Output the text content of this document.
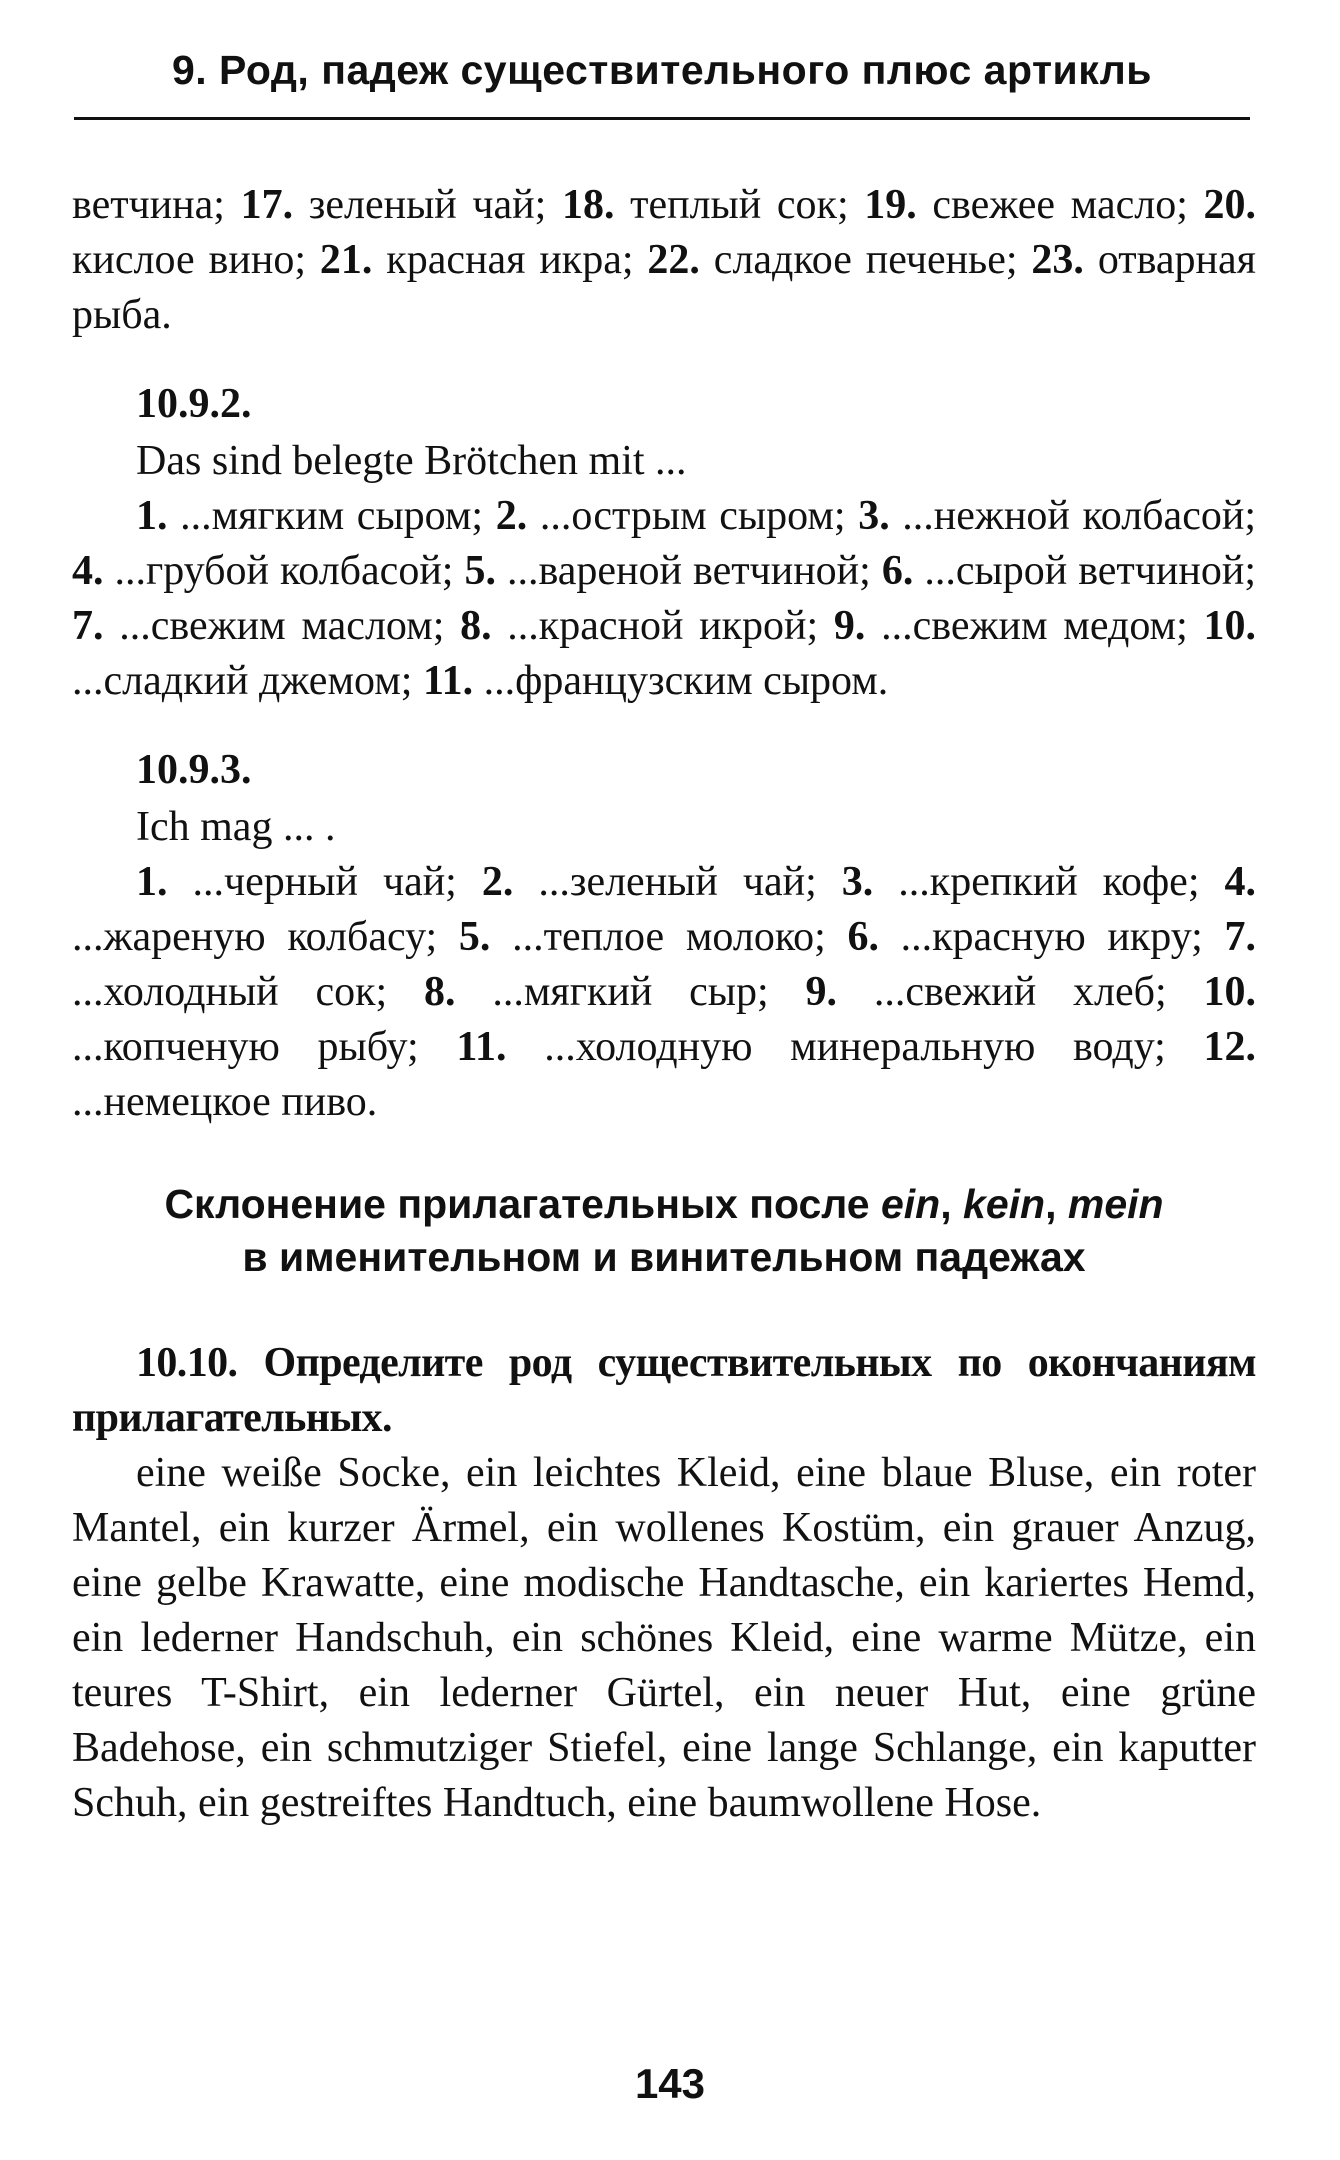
9. Род, падеж существительного плюс артикль

ветчина; 17. зеленый чай; 18. теплый сок; 19. свежее масло; 20. кислое вино; 21. красная икра; 22. сладкое печенье; 23. отварная рыба.

10.9.2.

Das sind belegte Brötchen mit ...

1. ...мягким сыром; 2. ...острым сыром; 3. ...нежной колбасой; 4. ...грубой колбасой; 5. ...вареной ветчиной; 6. ...сырой ветчиной; 7. ...свежим маслом; 8. ...красной икрой; 9. ...свежим медом; 10. ...сладкий джемом; 11. ...французским сыром.

10.9.3.

Ich mag ... .

1. ...черный чай; 2. ...зеленый чай; 3. ...крепкий кофе; 4. ...жареную колбасу; 5. ...теплое молоко; 6. ...красную икру; 7. ...холодный сок; 8. ...мягкий сыр; 9. ...свежий хлеб; 10. ...копченую рыбу; 11. ...холодную минеральную воду; 12. ...немецкое пиво.

Склонение прилагательных после ein, kein, mein
в именительном и винительном падежах

10.10. Определите род существительных по окончаниям прилагательных.

eine weiße Socke, ein leichtes Kleid, eine blaue Bluse, ein roter Mantel, ein kurzer Ärmel, ein wollenes Kostüm, ein grauer Anzug, eine gelbe Krawatte, eine modische Handtasche, ein kariertes Hemd, ein lederner Handschuh, ein schönes Kleid, eine warme Mütze, ein teures T-Shirt, ein lederner Gürtel, ein neuer Hut, eine grüne Badehose, ein schmutziger Stiefel, eine lange Schlange, ein kaputter Schuh, ein gestreiftes Handtuch, eine baumwollene Hose.

143
